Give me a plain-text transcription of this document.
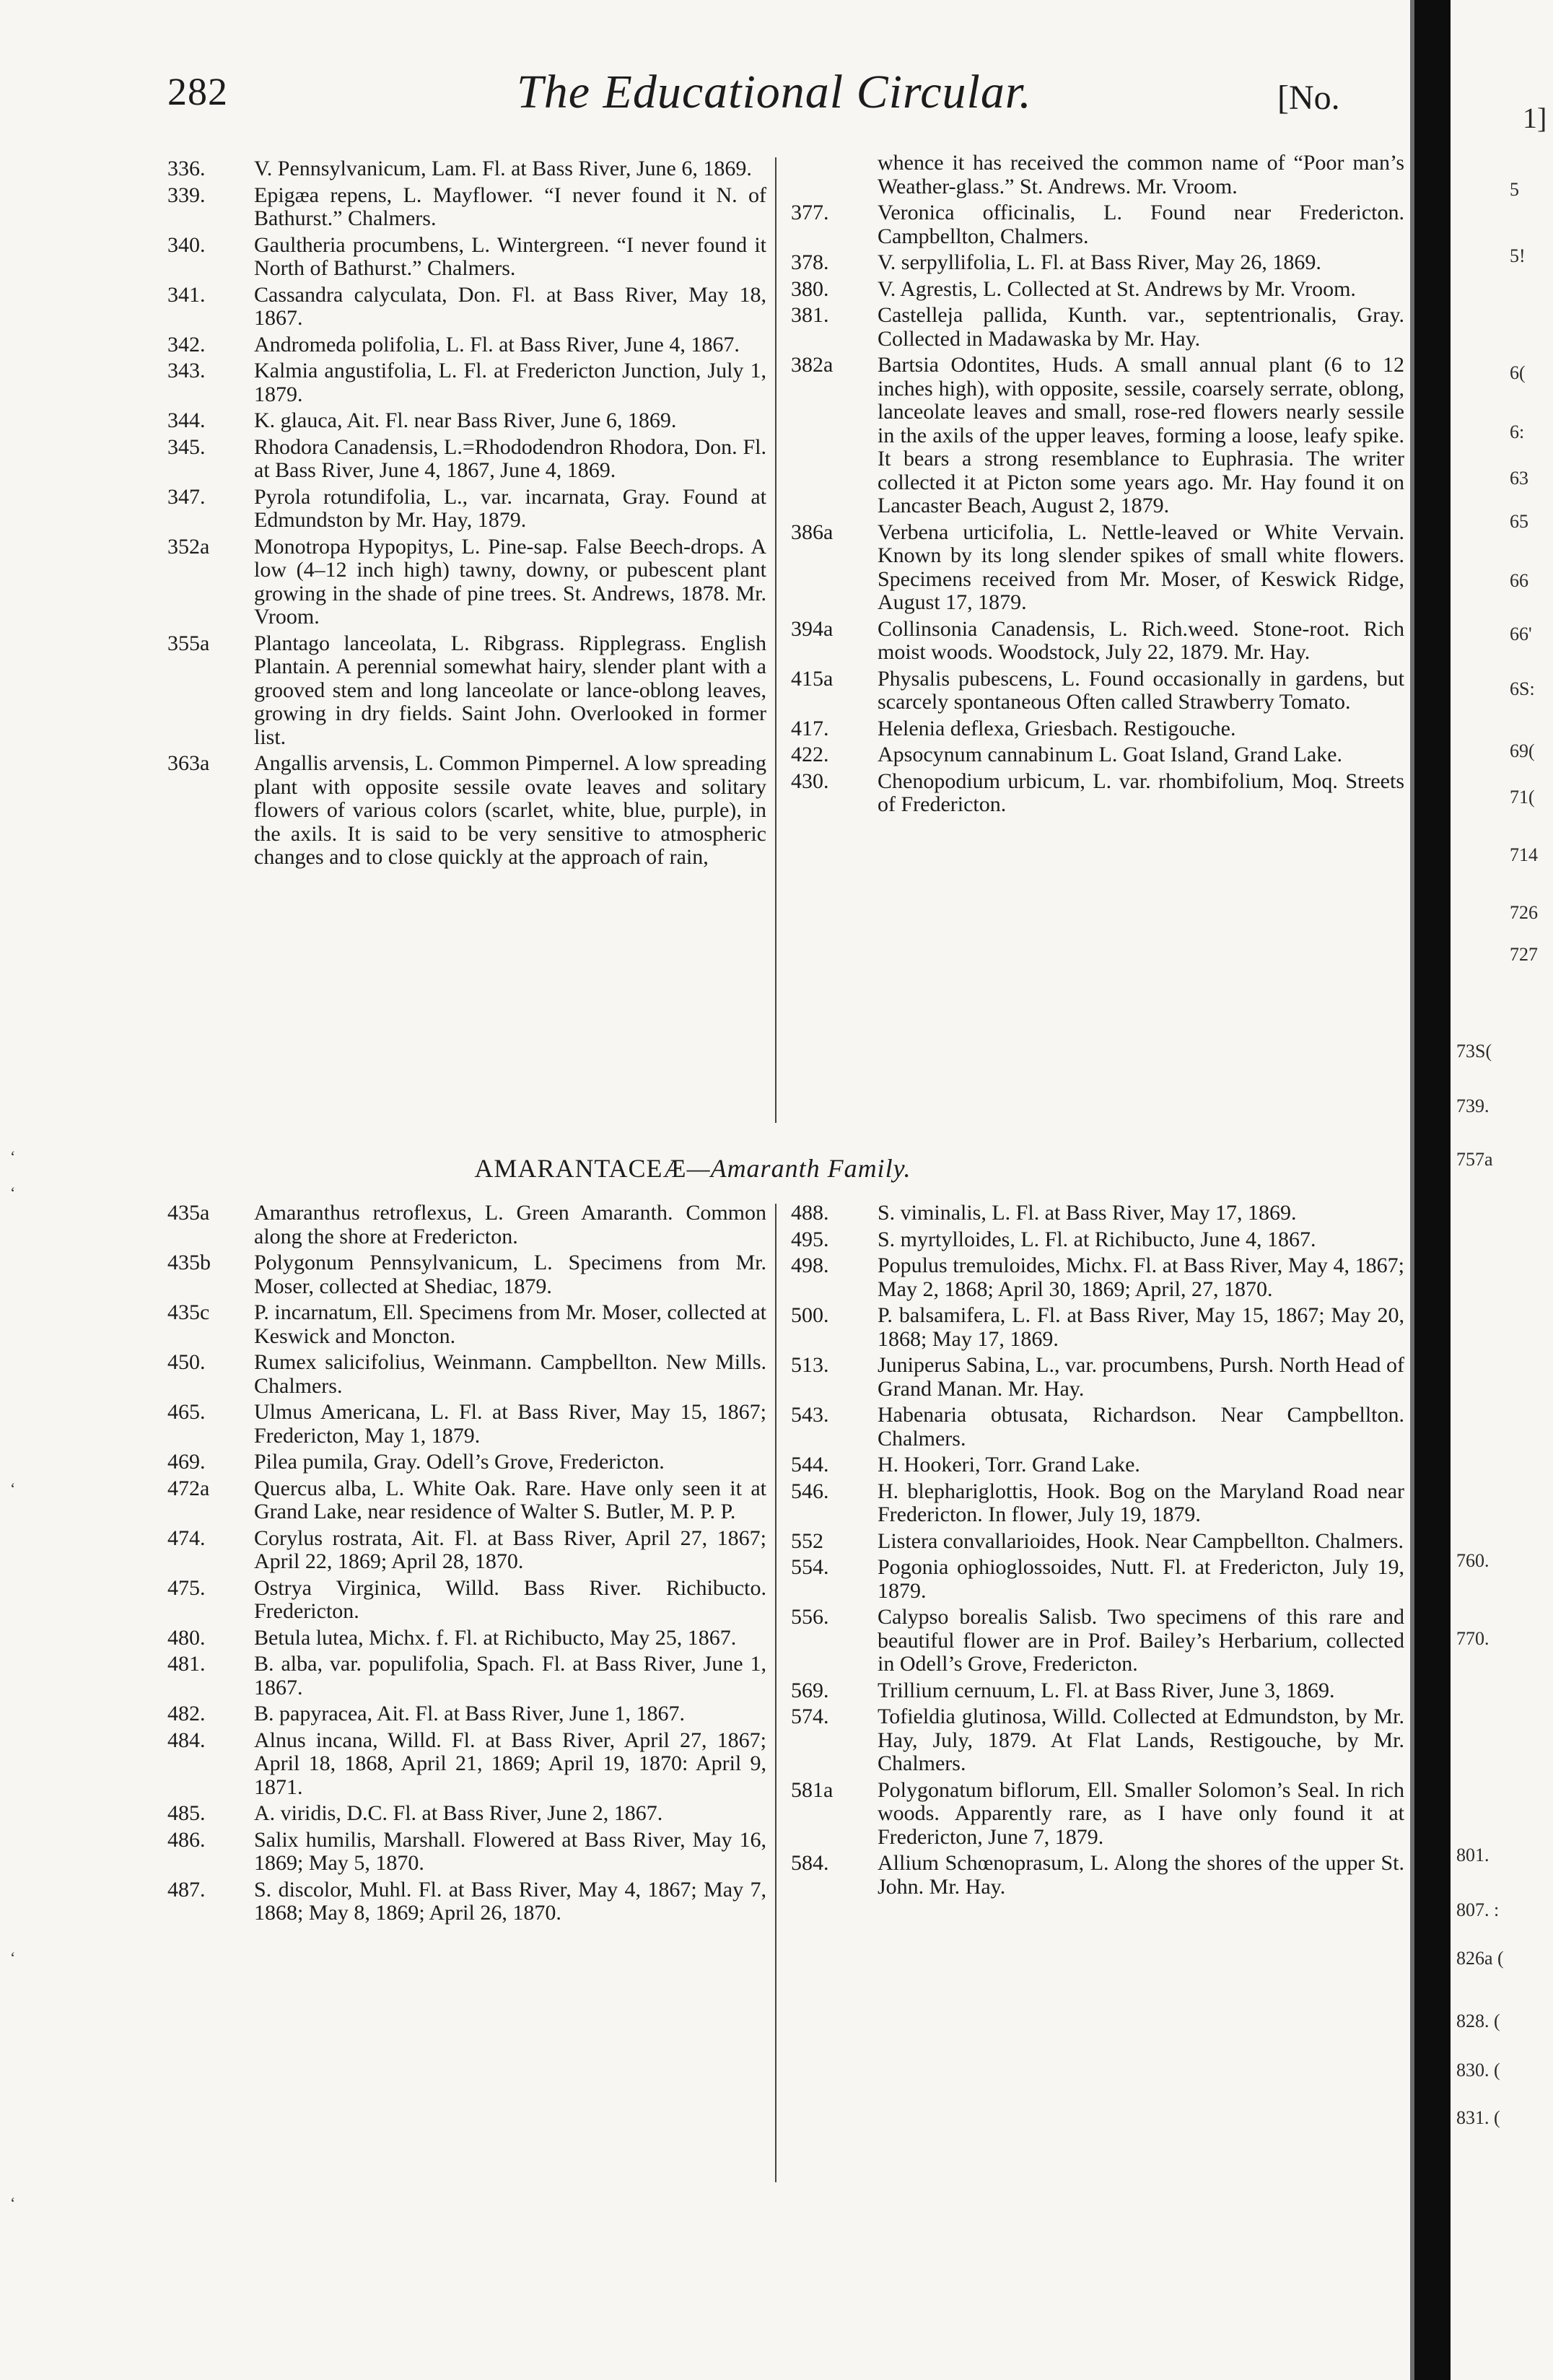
282	The Educational Circular.	[No.
336.	V. Pennsylvanicum, Lam. Fl. at Bass River, June 6, 1869.
339.	Epigæa repens, L. Mayflower. “I never found it N. of Bathurst.” Chalmers.
340.	Gaultheria procumbens, L. Wintergreen. “I never found it North of Bathurst.” Chalmers.
341.	Cassandra calyculata, Don. Fl. at Bass River, May 18, 1867.
342.	Andromeda polifolia, L. Fl. at Bass River, June 4, 1867.
343.	Kalmia angustifolia, L. Fl. at Fredericton Junction, July 1, 1879.
344.	K. glauca, Ait. Fl. near Bass River, June 6, 1869.
345.	Rhodora Canadensis, L.=Rhododendron Rhodora, Don. Fl. at Bass River, June 4, 1867, June 4, 1869.
347.	Pyrola rotundifolia, L., var. incarnata, Gray. Found at Edmundston by Mr. Hay, 1879.
352a	Monotropa Hypopitys, L. Pine-sap. False Beech-drops. A low (4–12 inch high) tawny, downy, or pubescent plant growing in the shade of pine trees. St. Andrews, 1878. Mr. Vroom.
355a	Plantago lanceolata, L. Ribgrass. Ripplegrass. English Plantain. A perennial somewhat hairy, slender plant with a grooved stem and long lanceolate or lance-oblong leaves, growing in dry fields. Saint John. Overlooked in former list.
363a	Angallis arvensis, L. Common Pimpernel. A low spreading plant with opposite sessile ovate leaves and solitary flowers of various colors (scarlet, white, blue, purple), in the axils. It is said to be very sensitive to atmospheric changes and to close quickly at the approach of rain,
whence it has received the common name of “Poor man’s Weather-glass.” St. Andrews. Mr. Vroom.
377.	Veronica officinalis, L. Found near Fredericton. Campbellton, Chalmers.
378.	V. serpyllifolia, L. Fl. at Bass River, May 26, 1869.
380.	V. Agrestis, L. Collected at St. Andrews by Mr. Vroom.
381.	Castelleja pallida, Kunth. var., septentrionalis, Gray. Collected in Madawaska by Mr. Hay.
382a	Bartsia Odontites, Huds. A small annual plant (6 to 12 inches high), with opposite, sessile, coarsely serrate, oblong, lanceolate leaves and small, rose-red flowers nearly sessile in the axils of the upper leaves, forming a loose, leafy spike. It bears a strong resemblance to Euphrasia. The writer collected it at Picton some years ago. Mr. Hay found it on Lancaster Beach, August 2, 1879.
386a	Verbena urticifolia, L. Nettle-leaved or White Vervain. Known by its long slender spikes of small white flowers. Specimens received from Mr. Moser, of Keswick Ridge, August 17, 1879.
394a	Collinsonia Canadensis, L. Rich.weed. Stone-root. Rich moist woods. Woodstock, July 22, 1879. Mr. Hay.
415a	Physalis pubescens, L. Found occasionally in gardens, but scarcely spontaneous Often called Strawberry Tomato.
417.	Helenia deflexa, Griesbach. Restigouche.
422.	Apsocynum cannabinum L. Goat Island, Grand Lake.
430.	Chenopodium urbicum, L. var. rhombifolium, Moq. Streets of Fredericton.
AMARANTACEÆ—Amaranth Family.
435a	Amaranthus retroflexus, L. Green Amaranth. Common along the shore at Fredericton.
435b	Polygonum Pennsylvanicum, L. Specimens from Mr. Moser, collected at Shediac, 1879.
435c	P. incarnatum, Ell. Specimens from Mr. Moser, collected at Keswick and Moncton.
450.	Rumex salicifolius, Weinmann. Campbellton. New Mills. Chalmers.
465.	Ulmus Americana, L. Fl. at Bass River, May 15, 1867; Fredericton, May 1, 1879.
469.	Pilea pumila, Gray. Odell’s Grove, Fredericton.
472a	Quercus alba, L. White Oak. Rare. Have only seen it at Grand Lake, near residence of Walter S. Butler, M. P. P.
474.	Corylus rostrata, Ait. Fl. at Bass River, April 27, 1867; April 22, 1869; April 28, 1870.
475.	Ostrya Virginica, Willd. Bass River. Richibucto. Fredericton.
480.	Betula lutea, Michx. f. Fl. at Richibucto, May 25, 1867.
481.	B. alba, var. populifolia, Spach. Fl. at Bass River, June 1, 1867.
482.	B. papyracea, Ait. Fl. at Bass River, June 1, 1867.
484.	Alnus incana, Willd. Fl. at Bass River, April 27, 1867; April 18, 1868, April 21, 1869; April 19, 1870: April 9, 1871.
485.	A. viridis, D.C. Fl. at Bass River, June 2, 1867.
486.	Salix humilis, Marshall. Flowered at Bass River, May 16, 1869; May 5, 1870.
487.	S. discolor, Muhl. Fl. at Bass River, May 4, 1867; May 7, 1868; May 8, 1869; April 26, 1870.
488.	S. viminalis, L. Fl. at Bass River, May 17, 1869.
495.	S. myrtylloides, L. Fl. at Richibucto, June 4, 1867.
498.	Populus tremuloides, Michx. Fl. at Bass River, May 4, 1867; May 2, 1868; April 30, 1869; April, 27, 1870.
500.	P. balsamifera, L. Fl. at Bass River, May 15, 1867; May 20, 1868; May 17, 1869.
513.	Juniperus Sabina, L., var. procumbens, Pursh. North Head of Grand Manan. Mr. Hay.
543.	Habenaria obtusata, Richardson. Near Campbellton. Chalmers.
544.	H. Hookeri, Torr. Grand Lake.
546.	H. blephariglottis, Hook. Bog on the Maryland Road near Fredericton. In flower, July 19, 1879.
552	Listera convallarioides, Hook. Near Campbellton. Chalmers.
554.	Pogonia ophioglossoides, Nutt. Fl. at Fredericton, July 19, 1879.
556.	Calypso borealis Salisb. Two specimens of this rare and beautiful flower are in Prof. Bailey’s Herbarium, collected in Odell’s Grove, Fredericton.
569.	Trillium cernuum, L. Fl. at Bass River, June 3, 1869.
574.	Tofieldia glutinosa, Willd. Collected at Edmundston, by Mr. Hay, July, 1879. At Flat Lands, Restigouche, by Mr. Chalmers.
581a	Polygonatum biflorum, Ell. Smaller Solomon’s Seal. In rich woods. Apparently rare, as I have only found it at Fredericton, June 7, 1879.
584.	Allium Schœnoprasum, L. Along the shores of the upper St. John. Mr. Hay.
1]
5
5!
6(
6:
63
65
66
66'
6S:
69(
71(
714
726
727
73S(
739.
757a
760.
770.
801.
807. :
826a (
828. (
830. (
831. (
‘
‘
‘
‘
‘
